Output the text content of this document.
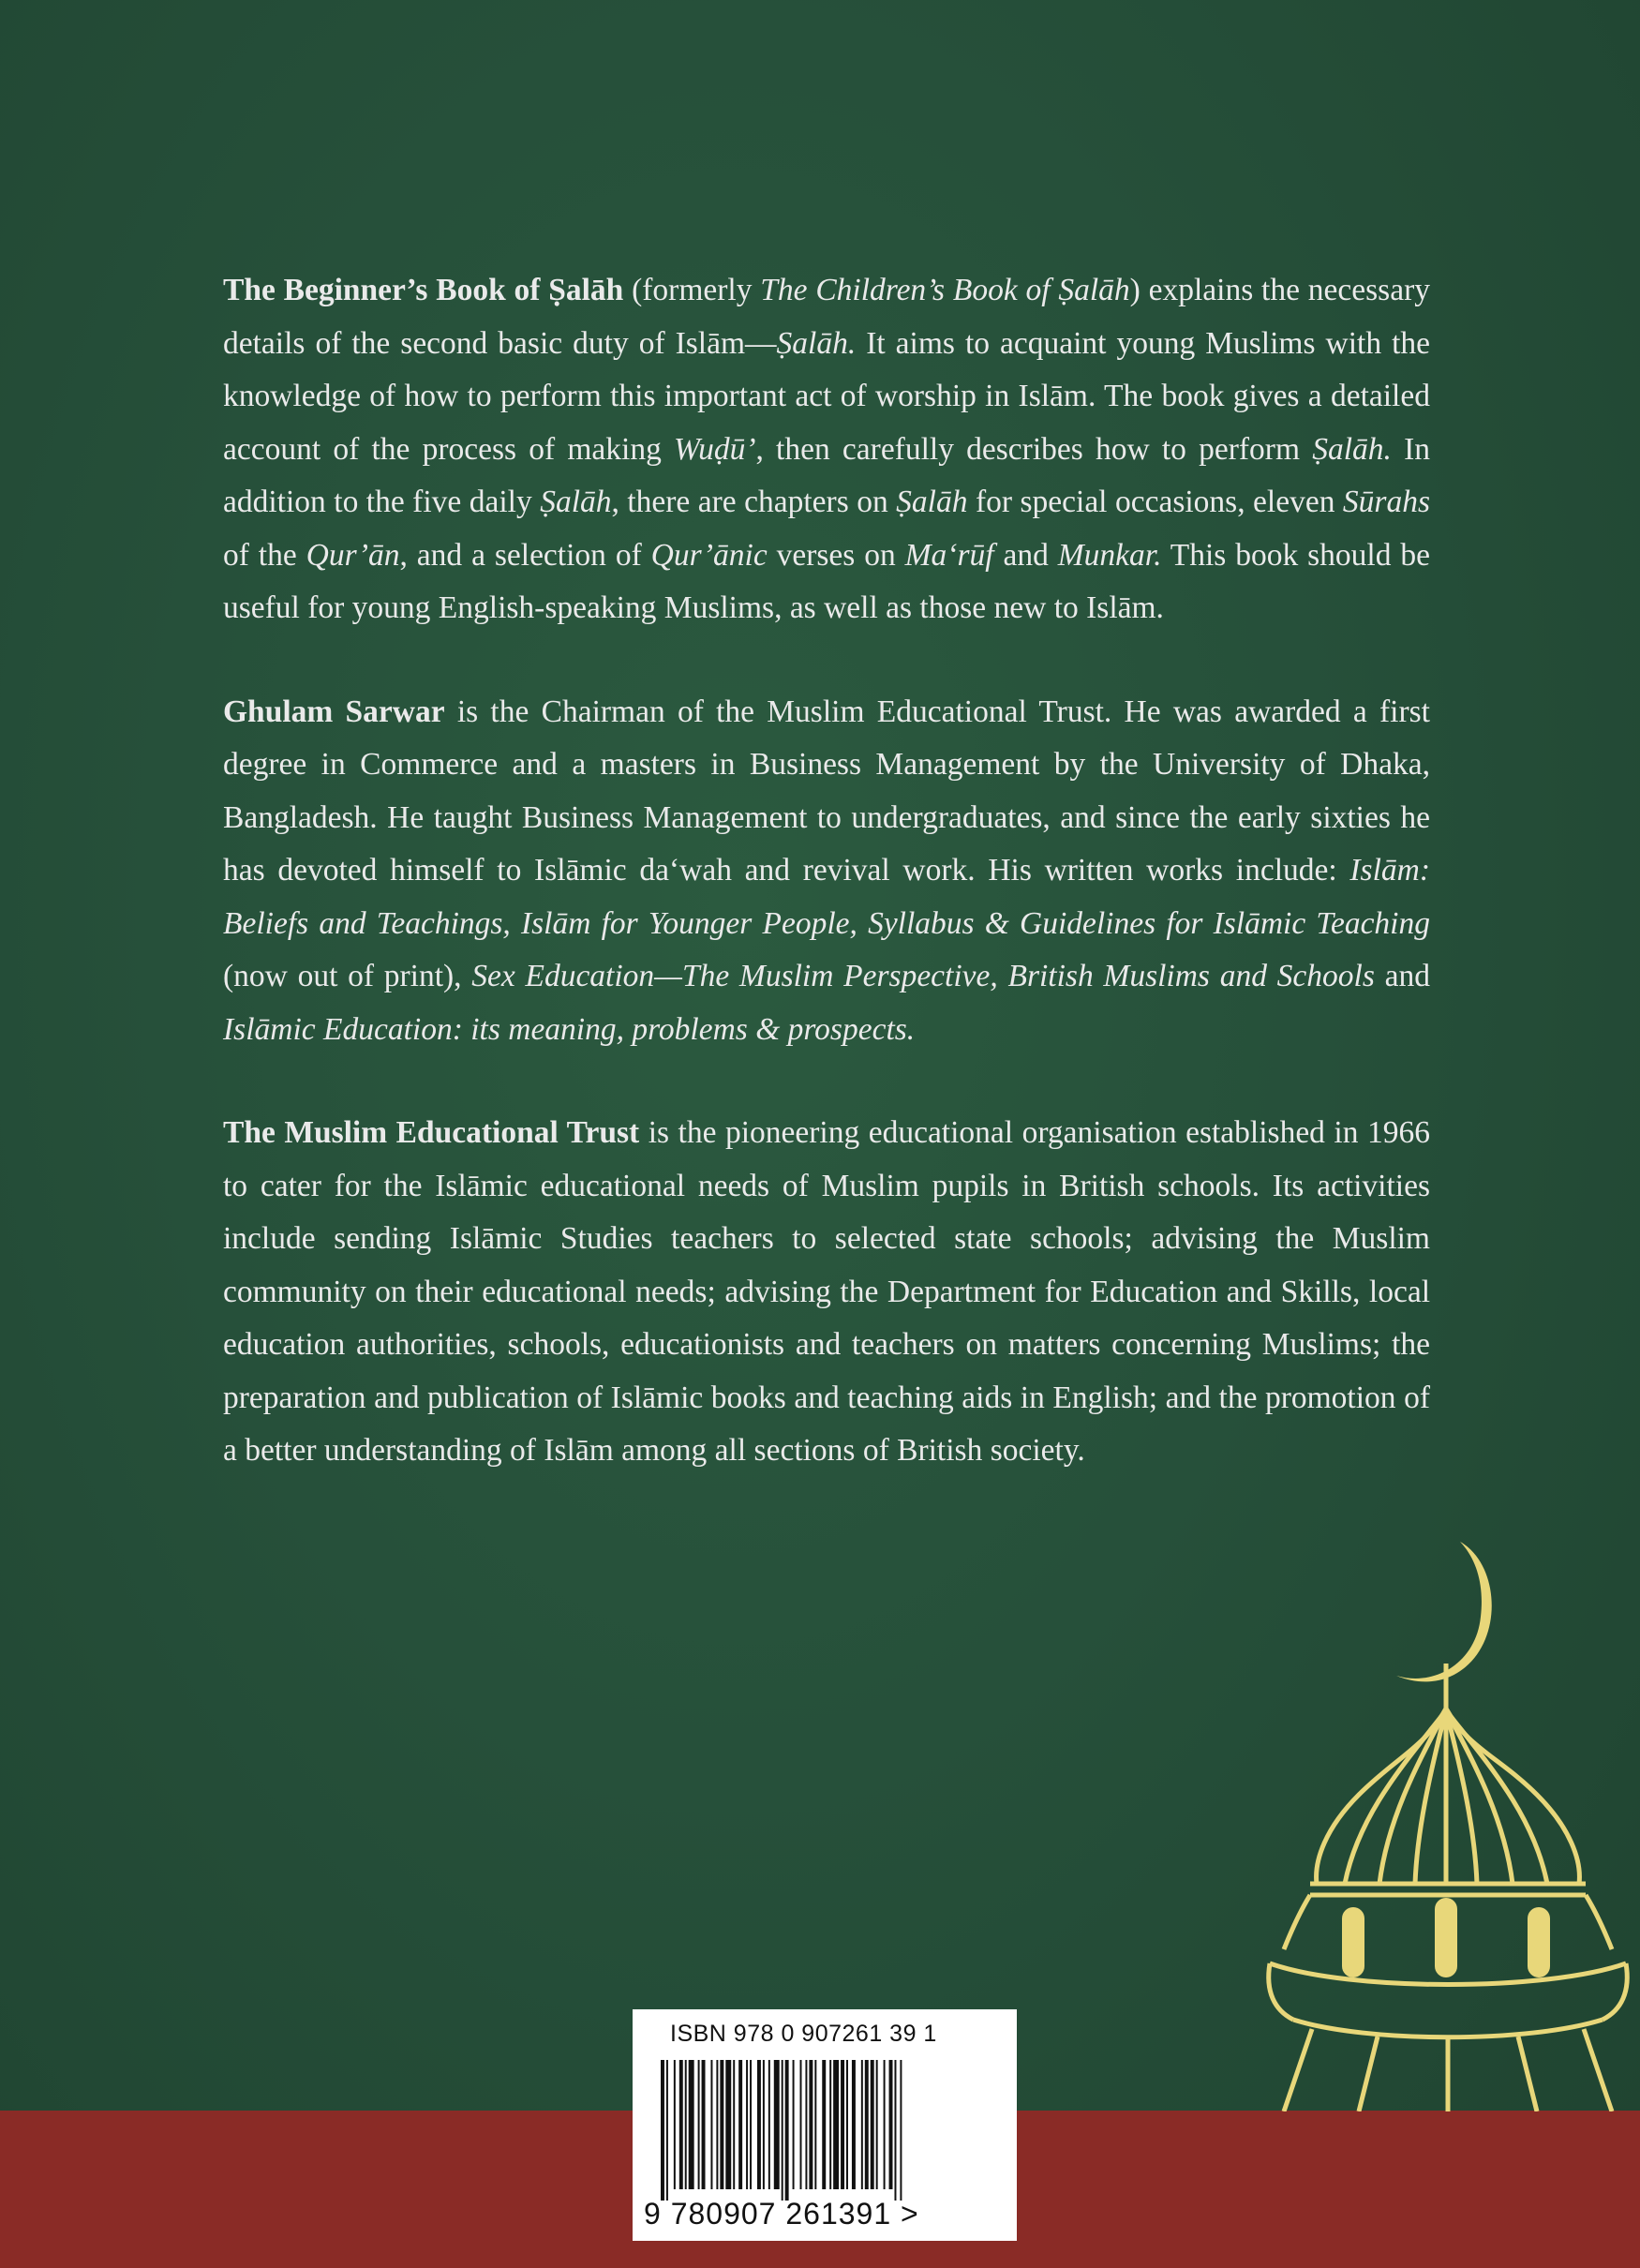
The Beginner’s Book of Ṣalāh (formerly The Children’s Book of Ṣalāh) explains the necessary details of the second basic duty of Islām—Ṣalāh. It aims to acquaint young Muslims with the knowledge of how to perform this important act of worship in Islām. The book gives a detailed account of the process of making Wuḍū’, then carefully describes how to perform Ṣalāh. In addition to the five daily Ṣalāh, there are chapters on Ṣalāh for special occasions, eleven Sūrahs of the Qur’ān, and a selection of Qur’ānic verses on Ma‘rūf and Munkar. This book should be useful for young English-speaking Muslims, as well as those new to Islām.

Ghulam Sarwar is the Chairman of the Muslim Educational Trust. He was awarded a first degree in Commerce and a masters in Business Management by the University of Dhaka, Bangladesh. He taught Business Management to undergraduates, and since the early sixties he has devoted himself to Islāmic da‘wah and revival work. His written works include: Islām: Beliefs and Teachings, Islām for Younger People, Syllabus & Guidelines for Islāmic Teaching (now out of print), Sex Education—The Muslim Perspective, British Muslims and Schools and Islāmic Education: its meaning, problems & prospects.

The Muslim Educational Trust is the pioneering educational organisation established in 1966 to cater for the Islāmic educational needs of Muslim pupils in British schools. Its activities include sending Islāmic Studies teachers to selected state schools; advising the Muslim community on their educational needs; advising the Department for Education and Skills, local education authorities, schools, educationists and teachers on matters concerning Muslims; the preparation and publication of Islāmic books and teaching aids in English; and the promotion of a better understanding of Islām among all sections of British society.

ISBN 978 0 907261 39 1
9 780907 261391 >
